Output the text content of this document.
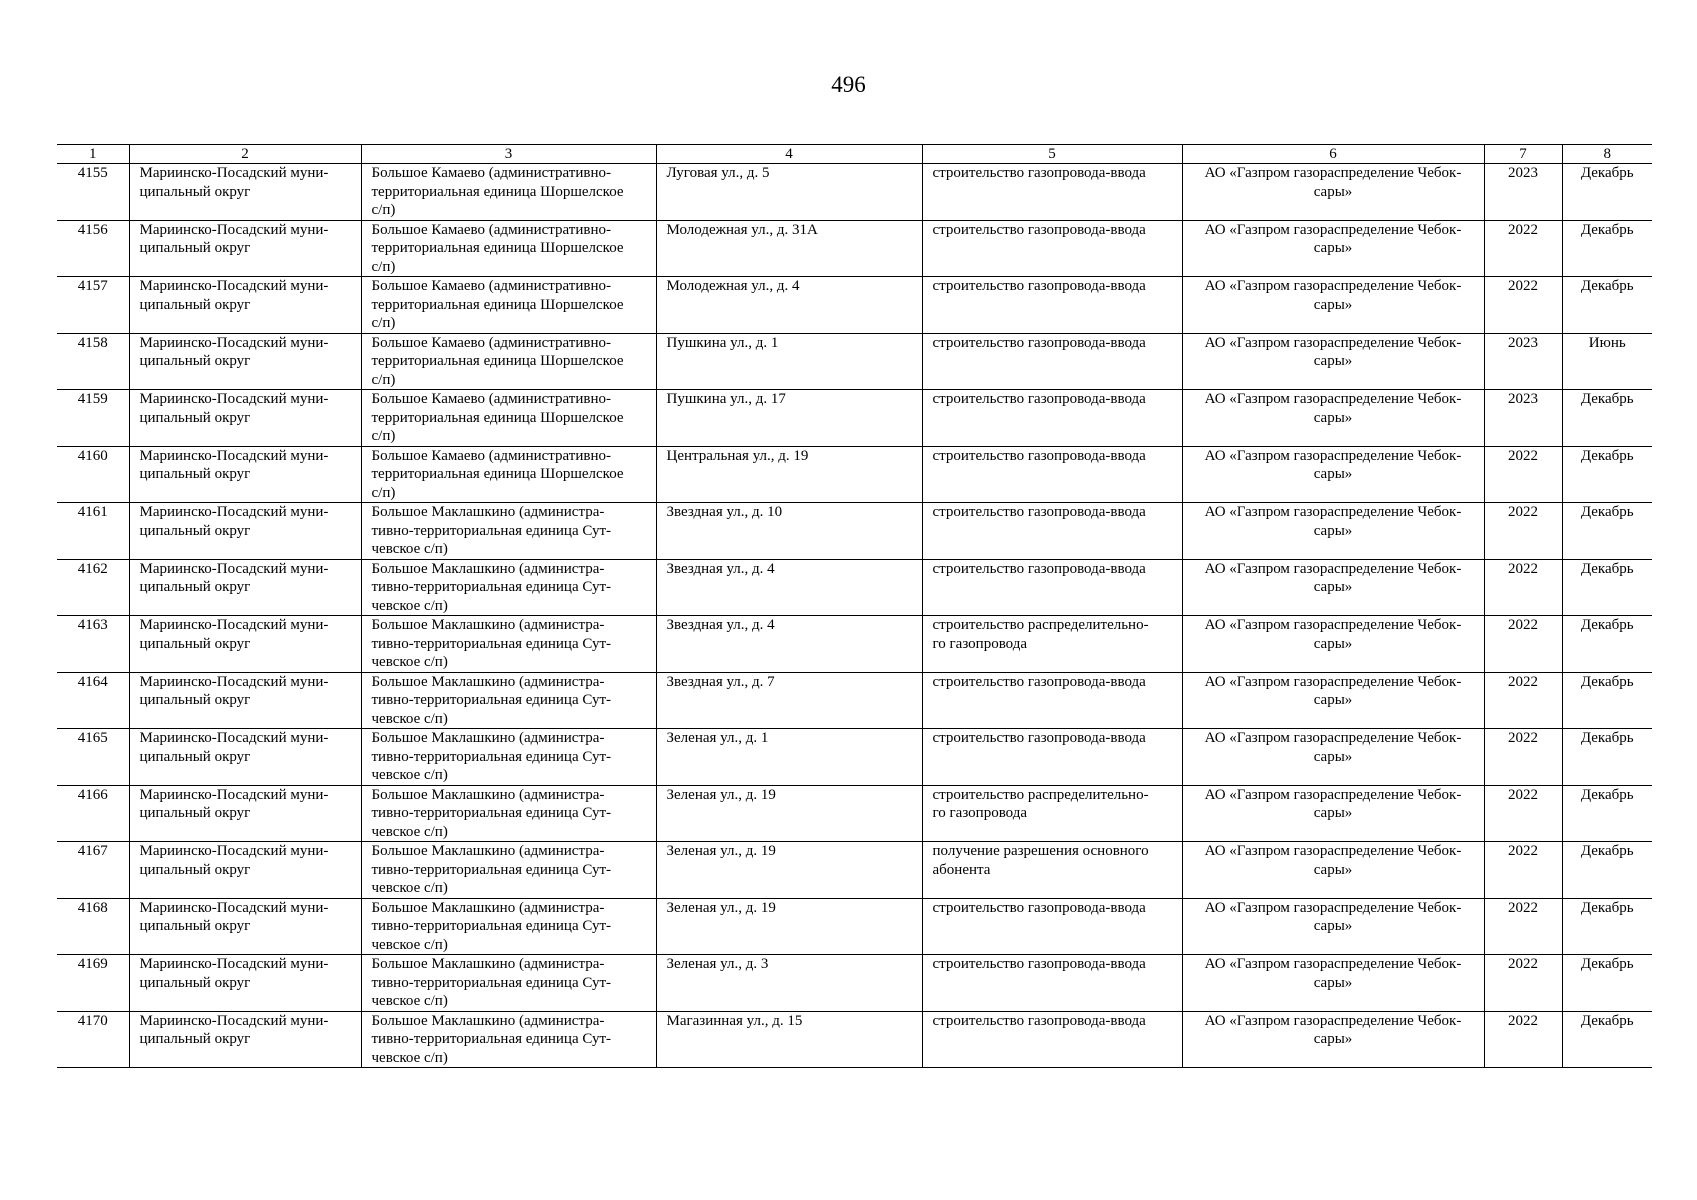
496
1	2	3	4	5	6	7	8
4155	Мариинско-Посадский муни-
ципальный округ	Большое Камаево (административно-
территориальная единица Шоршелское
с/п)	Луговая ул., д. 5	строительство газопровода-ввода	АО «Газпром газораспределение Чебок-
сары»	2023	Декабрь
4156	Мариинско-Посадский муни-
ципальный округ	Большое Камаево (административно-
территориальная единица Шоршелское
с/п)	Молодежная ул., д. 31А	строительство газопровода-ввода	АО «Газпром газораспределение Чебок-
сары»	2022	Декабрь
4157	Мариинско-Посадский муни-
ципальный округ	Большое Камаево (административно-
территориальная единица Шоршелское
с/п)	Молодежная ул., д. 4	строительство газопровода-ввода	АО «Газпром газораспределение Чебок-
сары»	2022	Декабрь
4158	Мариинско-Посадский муни-
ципальный округ	Большое Камаево (административно-
территориальная единица Шоршелское
с/п)	Пушкина ул., д. 1	строительство газопровода-ввода	АО «Газпром газораспределение Чебок-
сары»	2023	Июнь
4159	Мариинско-Посадский муни-
ципальный округ	Большое Камаево (административно-
территориальная единица Шоршелское
с/п)	Пушкина ул., д. 17	строительство газопровода-ввода	АО «Газпром газораспределение Чебок-
сары»	2023	Декабрь
4160	Мариинско-Посадский муни-
ципальный округ	Большое Камаево (административно-
территориальная единица Шоршелское
с/п)	Центральная ул., д. 19	строительство газопровода-ввода	АО «Газпром газораспределение Чебок-
сары»	2022	Декабрь
4161	Мариинско-Посадский муни-
ципальный округ	Большое Маклашкино (администра-
тивно-территориальная единица Сут-
чевское с/п)	Звездная ул., д. 10	строительство газопровода-ввода	АО «Газпром газораспределение Чебок-
сары»	2022	Декабрь
4162	Мариинско-Посадский муни-
ципальный округ	Большое Маклашкино (администра-
тивно-территориальная единица Сут-
чевское с/п)	Звездная ул., д. 4	строительство газопровода-ввода	АО «Газпром газораспределение Чебок-
сары»	2022	Декабрь
4163	Мариинско-Посадский муни-
ципальный округ	Большое Маклашкино (администра-
тивно-территориальная единица Сут-
чевское с/п)	Звездная ул., д. 4	строительство распределительно-
го газопровода	АО «Газпром газораспределение Чебок-
сары»	2022	Декабрь
4164	Мариинско-Посадский муни-
ципальный округ	Большое Маклашкино (администра-
тивно-территориальная единица Сут-
чевское с/п)	Звездная ул., д. 7	строительство газопровода-ввода	АО «Газпром газораспределение Чебок-
сары»	2022	Декабрь
4165	Мариинско-Посадский муни-
ципальный округ	Большое Маклашкино (администра-
тивно-территориальная единица Сут-
чевское с/п)	Зеленая ул., д. 1	строительство газопровода-ввода	АО «Газпром газораспределение Чебок-
сары»	2022	Декабрь
4166	Мариинско-Посадский муни-
ципальный округ	Большое Маклашкино (администра-
тивно-территориальная единица Сут-
чевское с/п)	Зеленая ул., д. 19	строительство распределительно-
го газопровода	АО «Газпром газораспределение Чебок-
сары»	2022	Декабрь
4167	Мариинско-Посадский муни-
ципальный округ	Большое Маклашкино (администра-
тивно-территориальная единица Сут-
чевское с/п)	Зеленая ул., д. 19	получение разрешения основного
абонента	АО «Газпром газораспределение Чебок-
сары»	2022	Декабрь
4168	Мариинско-Посадский муни-
ципальный округ	Большое Маклашкино (администра-
тивно-территориальная единица Сут-
чевское с/п)	Зеленая ул., д. 19	строительство газопровода-ввода	АО «Газпром газораспределение Чебок-
сары»	2022	Декабрь
4169	Мариинско-Посадский муни-
ципальный округ	Большое Маклашкино (администра-
тивно-территориальная единица Сут-
чевское с/п)	Зеленая ул., д. 3	строительство газопровода-ввода	АО «Газпром газораспределение Чебок-
сары»	2022	Декабрь
4170	Мариинско-Посадский муни-
ципальный округ	Большое Маклашкино (администра-
тивно-территориальная единица Сут-
чевское с/п)	Магазинная ул., д. 15	строительство газопровода-ввода	АО «Газпром газораспределение Чебок-
сары»	2022	Декабрь
